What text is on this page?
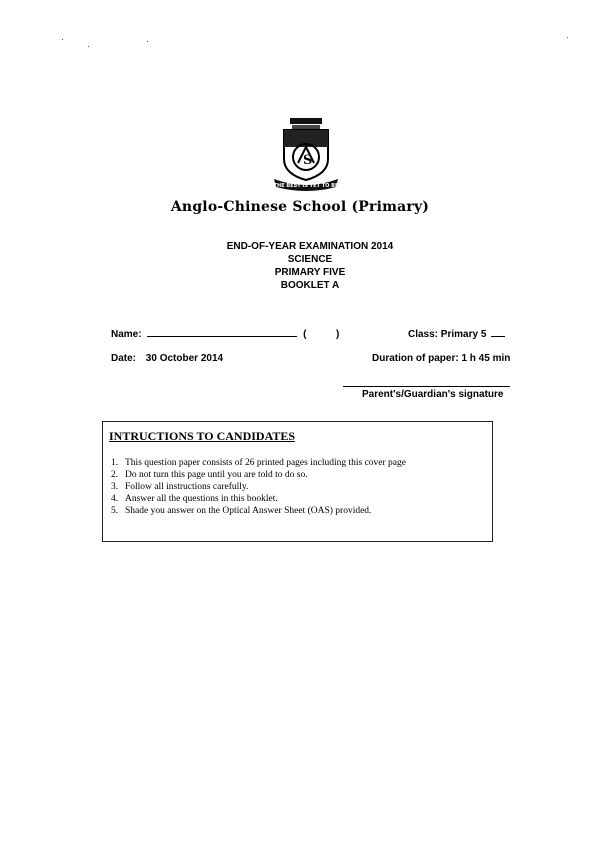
S
THE BEST IS YET TO BE
Anglo-Chinese School (Primary)
END-OF-YEAR EXAMINATION 2014
SCIENCE
PRIMARY FIVE
BOOKLET A
Name:	(	)	Class: Primary 5
Date: 30 October 2014	Duration of paper: 1 h 45 min
Parent's/Guardian's signature
INTRUCTIONS TO CANDIDATES
1. This question paper consists of 26 printed pages including this cover page
2. Do not turn this page until you are told to do so.
3. Follow all instructions carefully.
4. Answer all the questions in this booklet.
5. Shade you answer on the Optical Answer Sheet (OAS) provided.
